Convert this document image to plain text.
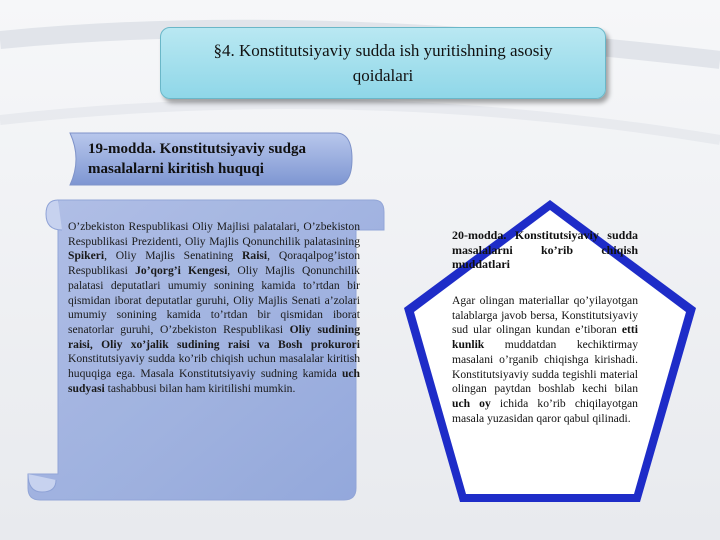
§4. Konstitutsiyaviy sudda ish yuritishning asosiy
qoidalari
19-modda. Konstitutsiyaviy sudga masalalarni kiritish huquqi
O’zbekiston Respublikasi Oliy Majlisi palatalari, O’zbekiston Respublikasi Prezidenti, Oliy Majlis Qonunchilik palatasining Spikeri, Oliy Majlis Senatining Raisi, Qoraqalpog’iston Respublikasi Jo’qorg’i Kengesi, Oliy Majlis Qonunchilik palatasi deputatlari umumiy sonining kamida to’rtdan bir qismidan iborat deputatlar guruhi, Oliy Majlis Senati a’zolari umumiy sonining kamida to’rtdan bir qismidan iborat senatorlar guruhi, O’zbekiston Respublikasi Oliy sudining raisi, Oliy xo’jalik sudining raisi va Bosh prokurori Konstitutsiyaviy sudda ko’rib chiqish uchun masalalar kiritish huquqiga ega. Masala Konstitutsiyaviy sudning kamida uch sudyasi tashabbusi bilan ham kiritilishi mumkin.
20-modda. Konstitutsiyaviy sudda masalalarni ko’rib chiqish muddatlari
Agar olingan materiallar qo’yilayotgan talablarga javob bersa, Konstitutsiyaviy sud ular olingan kundan e’tiboran etti kunlik muddatdan kechiktirmay masalani o’rganib chiqishga kirishadi. Konstitutsiyaviy sudda tegishli material olingan paytdan boshlab kechi bilan uch oy ichida ko’rib chiqilayotgan masala yuzasidan qaror qabul qilinadi.
